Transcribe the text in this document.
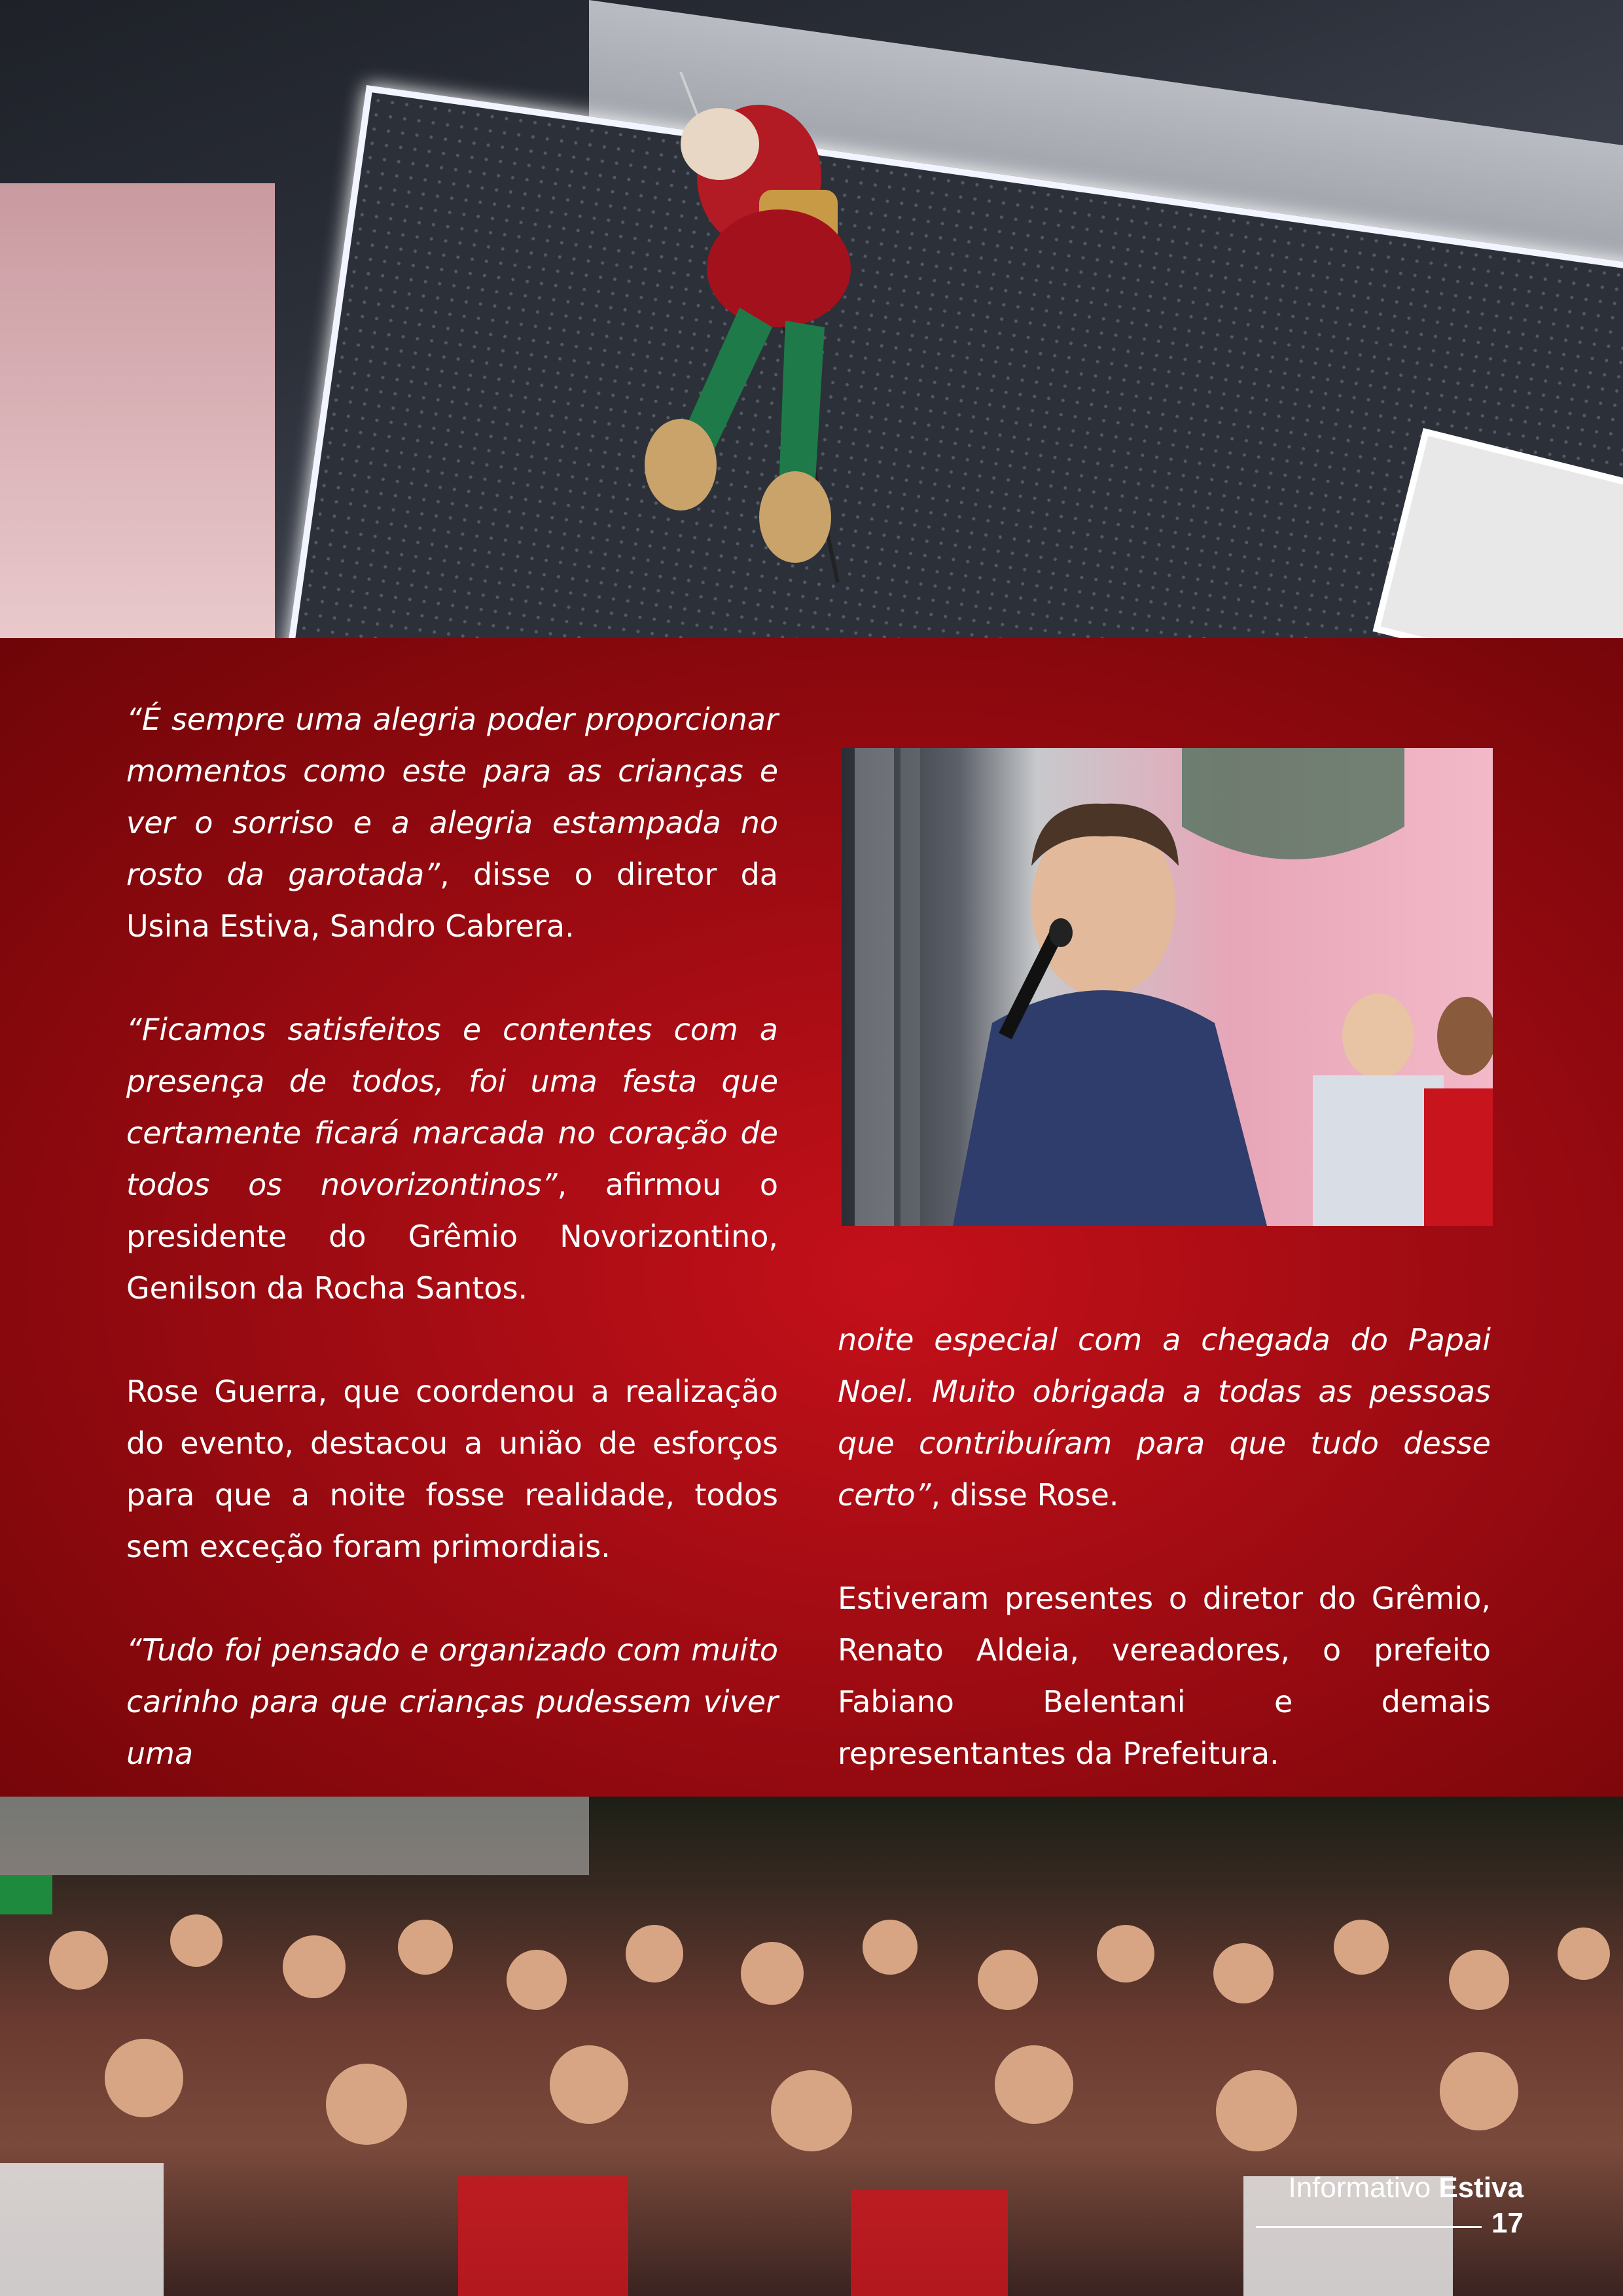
“É sempre uma alegria poder proporcionar momentos como este para as crianças e ver o sorriso e a alegria estampada no rosto da garotada”, disse o diretor da Usina Estiva, Sandro Cabrera.

“Ficamos satisfeitos e contentes com a presença de todos, foi uma festa que certamente ficará marcada no coração de todos os novorizontinos”, afirmou o presidente do Grêmio Novorizontino, Genilson da Rocha Santos.

Rose Guerra, que coordenou a realização do evento, destacou a união de esforços para que a noite fosse realidade, todos sem exceção foram primordiais.

“Tudo foi pensado e organizado com muito carinho para que crianças pudessem viver uma

noite especial com a chegada do Papai Noel. Muito obrigada a todas as pessoas que contribuíram para que tudo desse certo”, disse Rose.

Estiveram presentes o diretor do Grêmio, Renato Aldeia, vereadores, o prefeito Fabiano Belentani e demais representantes da Prefeitura.

Informativo Estiva
17
